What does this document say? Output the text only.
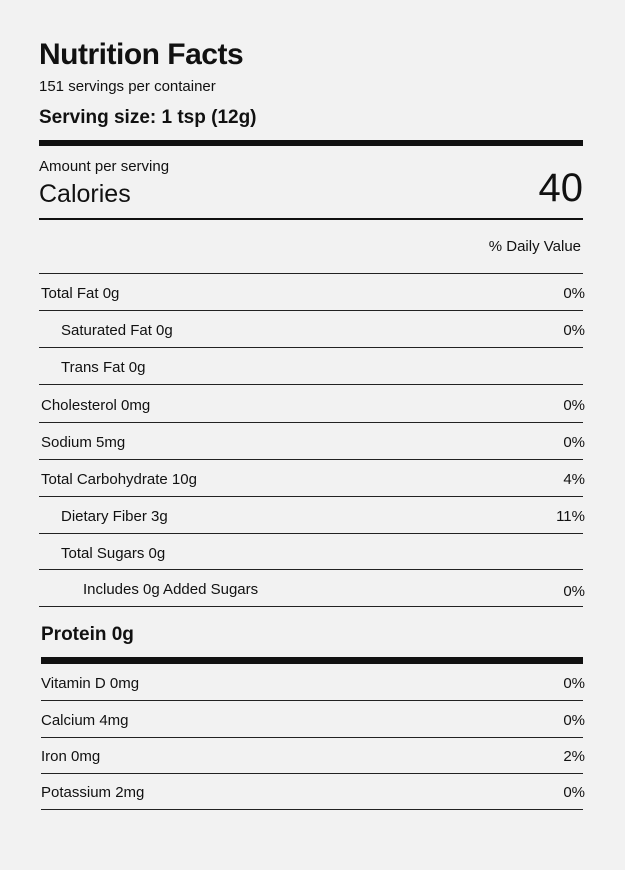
Nutrition Facts
151 servings per container
Serving size: 1 tsp (12g)
Amount per serving
Calories	40
% Daily Value
Total Fat 0g	0%
Saturated Fat 0g	0%
Trans Fat 0g
Cholesterol 0mg	0%
Sodium 5mg	0%
Total Carbohydrate 10g	4%
Dietary Fiber 3g	11%
Total Sugars 0g
Includes 0g Added Sugars	0%
Protein 0g
Vitamin D 0mg	0%
Calcium 4mg	0%
Iron 0mg	2%
Potassium 2mg	0%
